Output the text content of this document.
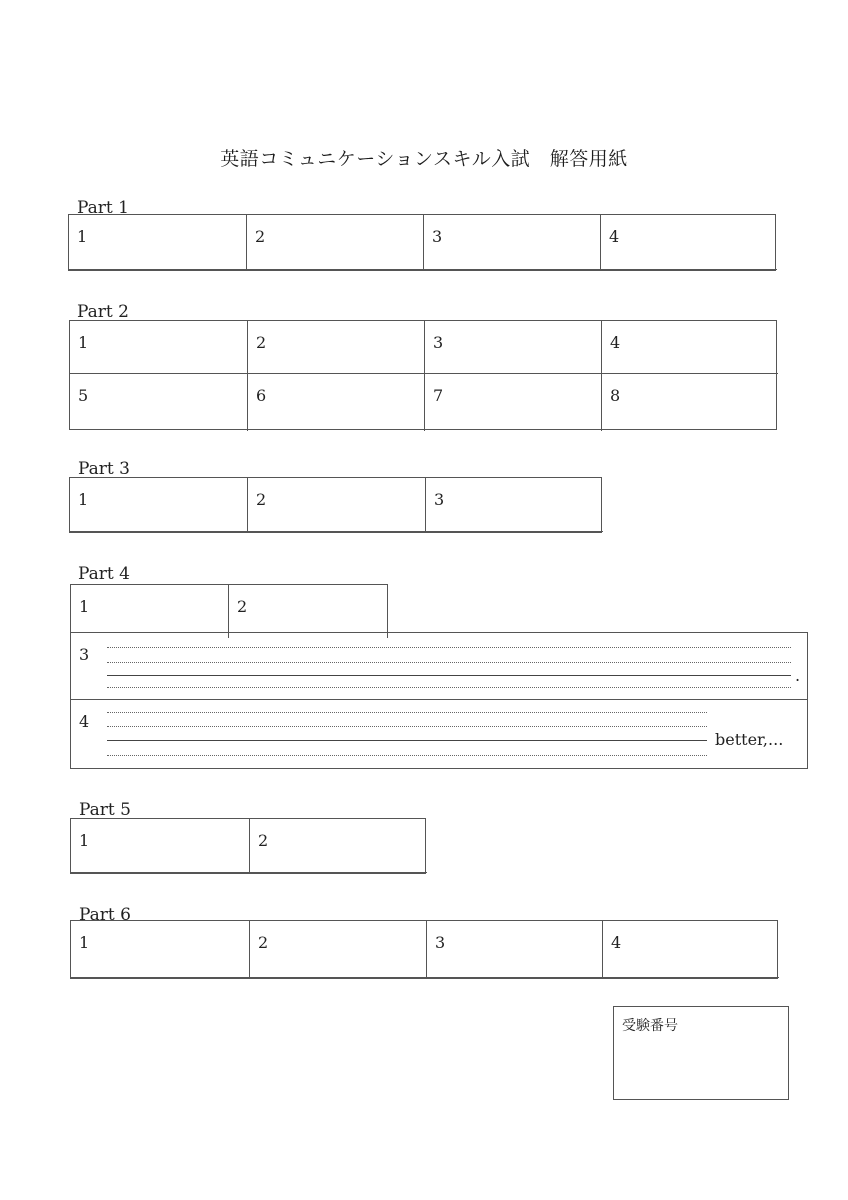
英語コミュニケーションスキル入試　解答用紙
Part 1
1	2	3	4
Part 2
1	2	3	4
5	6	7	8
Part 3
1	2	3
Part 4
1	2
3
.
4
better,...
Part 5
1	2
Part 6
1	2	3	4
受験番号
